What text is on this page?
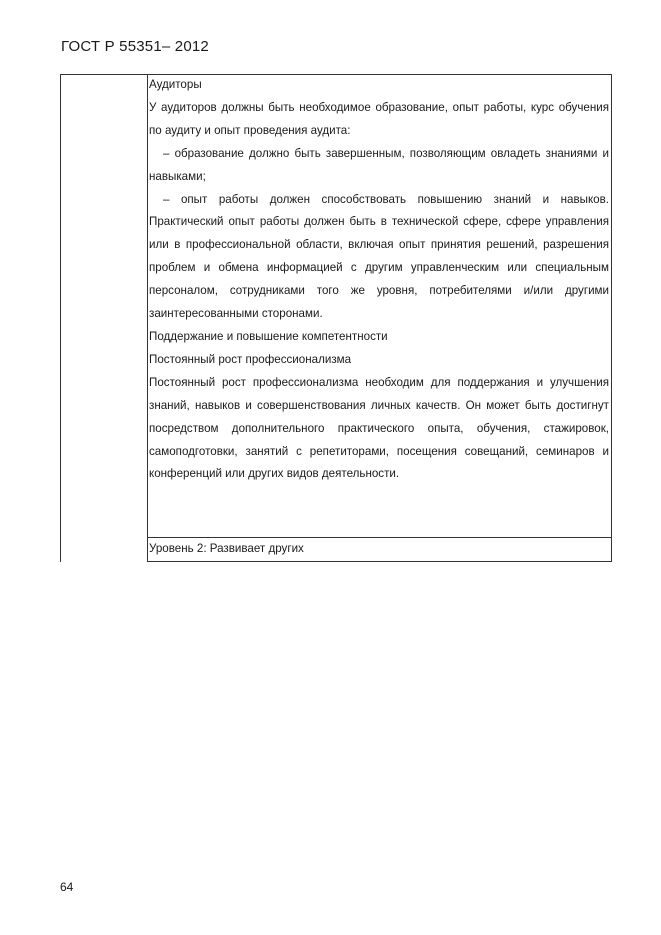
ГОСТ Р 55351– 2012

Аудиторы

У аудиторов должны быть необходимое образование, опыт работы, курс обучения по аудиту и опыт проведения аудита:

– образование должно быть завершенным, позволяющим овладеть знаниями и навыками;

– опыт работы должен способствовать повышению знаний и навыков. Практический опыт работы должен быть в технической сфере, сфере управления или в профессиональной области, включая опыт принятия решений, разрешения проблем и обмена информацией с другим управленческим или специальным персоналом, сотрудниками того же уровня, потребителями и/или другими заинтересованными сторонами.

Поддержание и повышение компетентности

Постоянный рост профессионализма

Постоянный рост профессионализма необходим для поддержания и улучшения знаний, навыков и совершенствования личных качеств. Он может быть достигнут посредством дополнительного практического опыта, обучения, стажировок, самоподготовки, занятий с репетиторами, посещения совещаний, семинаров и конференций или других видов деятельности.

Уровень 2: Развивает других
64
